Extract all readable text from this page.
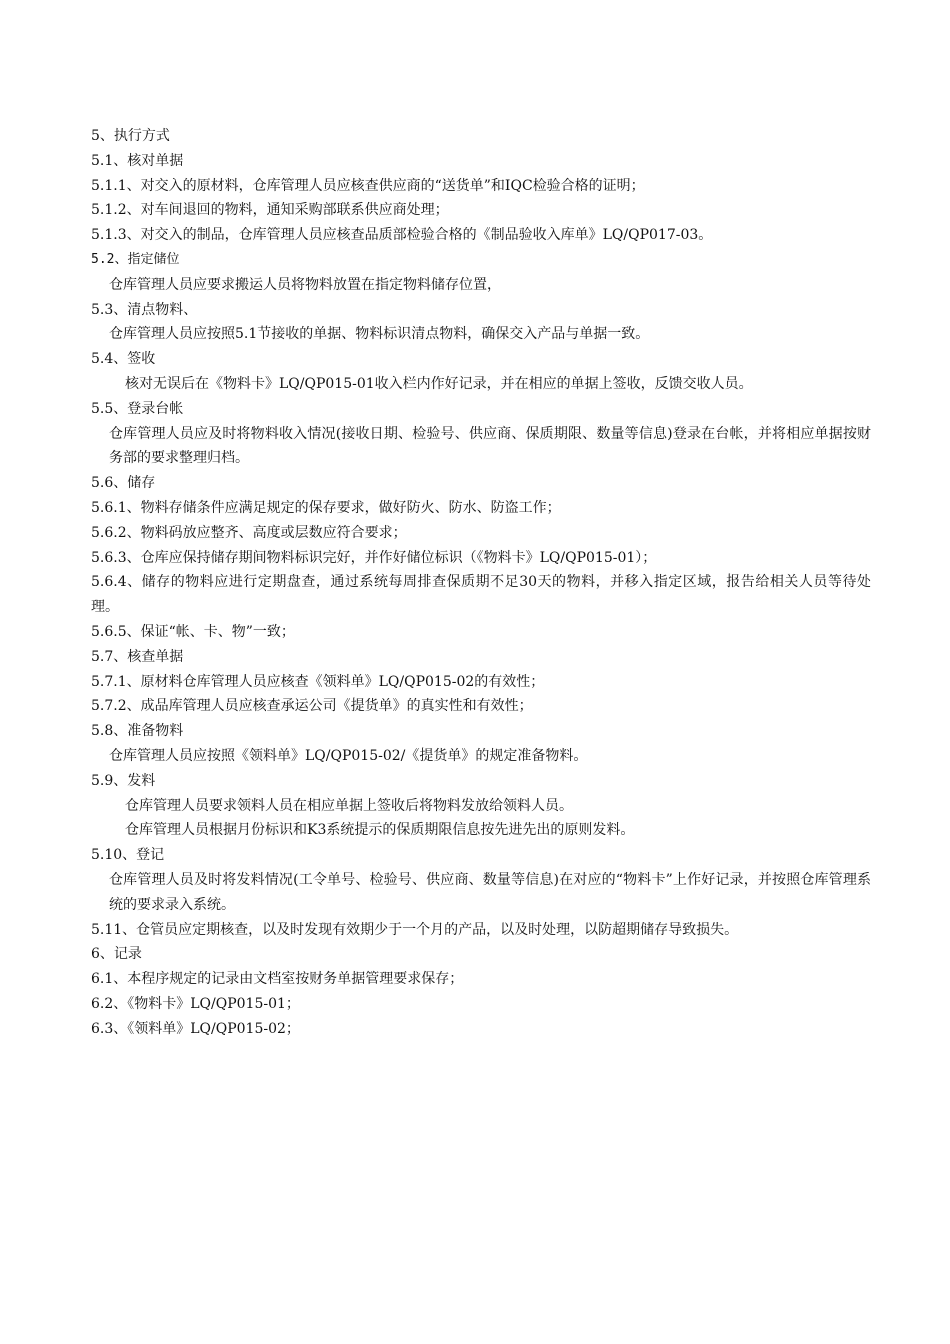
5、执行方式

5.1、核对单据

5.1.1、对交入的原材料，仓库管理人员应核查供应商的“送货单”和IQC检验合格的证明；

5.1.2、对车间退回的物料，通知采购部联系供应商处理；

5.1.3、对交入的制品，仓库管理人员应核查品质部检验合格的《制品验收入库单》LQ/QP017-03。

5.2、指定储位

仓库管理人员应要求搬运人员将物料放置在指定物料储存位置，

5.3、清点物料、

仓库管理人员应按照5.1节接收的单据、物料标识清点物料，确保交入产品与单据一致。

5.4、签收

核对无误后在《物料卡》LQ/QP015-01收入栏内作好记录，并在相应的单据上签收，反馈交收人员。

5.5、登录台帐

仓库管理人员应及时将物料收入情况(接收日期、检验号、供应商、保质期限、数量等信息)登录在台帐，并将相应单据按财务部的要求整理归档。

5.6、储存

5.6.1、物料存储条件应满足规定的保存要求，做好防火、防水、防盗工作；

5.6.2、物料码放应整齐、高度或层数应符合要求；

5.6.3、仓库应保持储存期间物料标识完好，并作好储位标识（《物料卡》LQ/QP015-01）；

5.6.4、储存的物料应进行定期盘查，通过系统每周排查保质期不足30天的物料，并移入指定区域，报告给相关人员等待处理。

5.6.5、保证“帐、卡、物”一致；

5.7、核查单据

5.7.1、原材料仓库管理人员应核查《领料单》LQ/QP015-02的有效性；

5.7.2、成品库管理人员应核查承运公司《提货单》的真实性和有效性；

5.8、准备物料

仓库管理人员应按照《领料单》LQ/QP015-02/《提货单》的规定准备物料。

5.9、发料

仓库管理人员要求领料人员在相应单据上签收后将物料发放给领料人员。

仓库管理人员根据月份标识和K3系统提示的保质期限信息按先进先出的原则发料。

5.10、登记

仓库管理人员及时将发料情况(工令单号、检验号、供应商、数量等信息)在对应的“物料卡”上作好记录，并按照仓库管理系统的要求录入系统。

5.11、仓管员应定期核查，以及时发现有效期少于一个月的产品，以及时处理，以防超期储存导致损失。

6、记录

6.1、本程序规定的记录由文档室按财务单据管理要求保存；

6.2、《物料卡》LQ/QP015-01；

6.3、《领料单》LQ/QP015-02；
